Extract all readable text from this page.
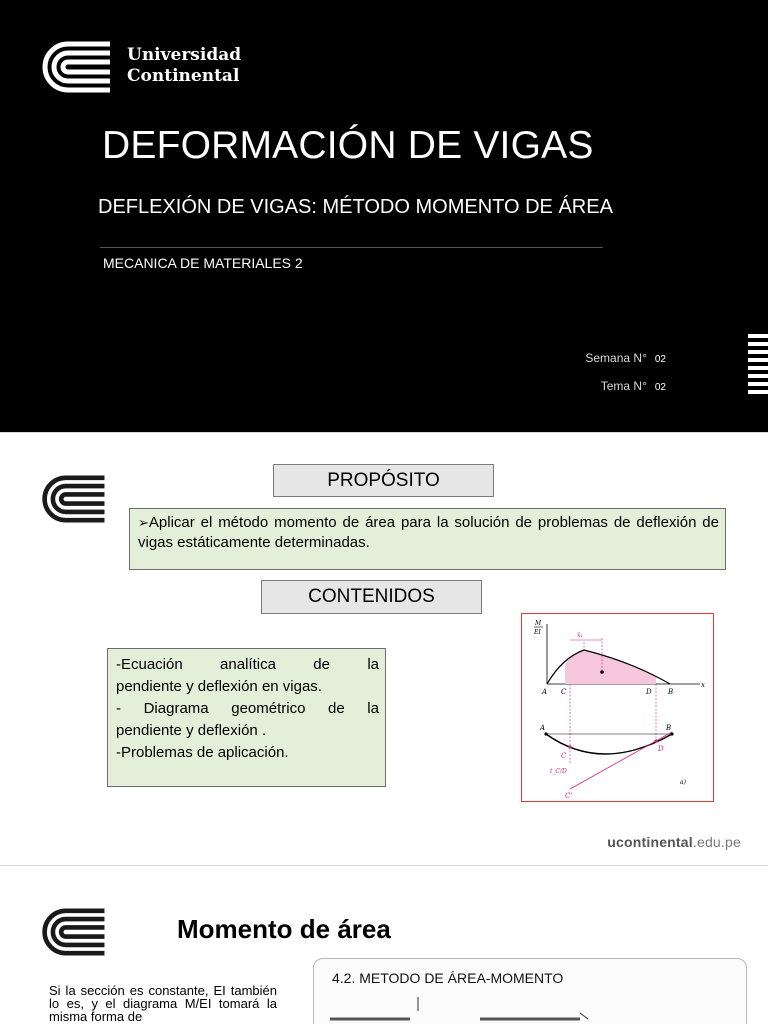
Universidad
Continental
DEFORMACIÓN DE VIGAS
DEFLEXIÓN DE VIGAS: MÉTODO MOMENTO DE ÁREA
MECANICA DE MATERIALES 2
Semana N° 02
Tema N° 02
PROPÓSITO
➢Aplicar el método momento de área para la solución de problemas de deflexión de vigas estáticamente determinadas.
CONTENIDOS

-Ecuación analítica de la

pendiente y deflexión en vigas.

- Diagrama geométrico de la

pendiente y deflexión .

-Problemas de aplicación.

M
EI
x
x̄₁
A C	D B
A	B
C
D
t_C/D
C'
a)
ucontinental.edu.pe
Momento de área
Si la sección es constante, EI también lo es, y el diagrama M/EI tomará la misma forma de
4.2. METODO DE ÁREA-MOMENTO
